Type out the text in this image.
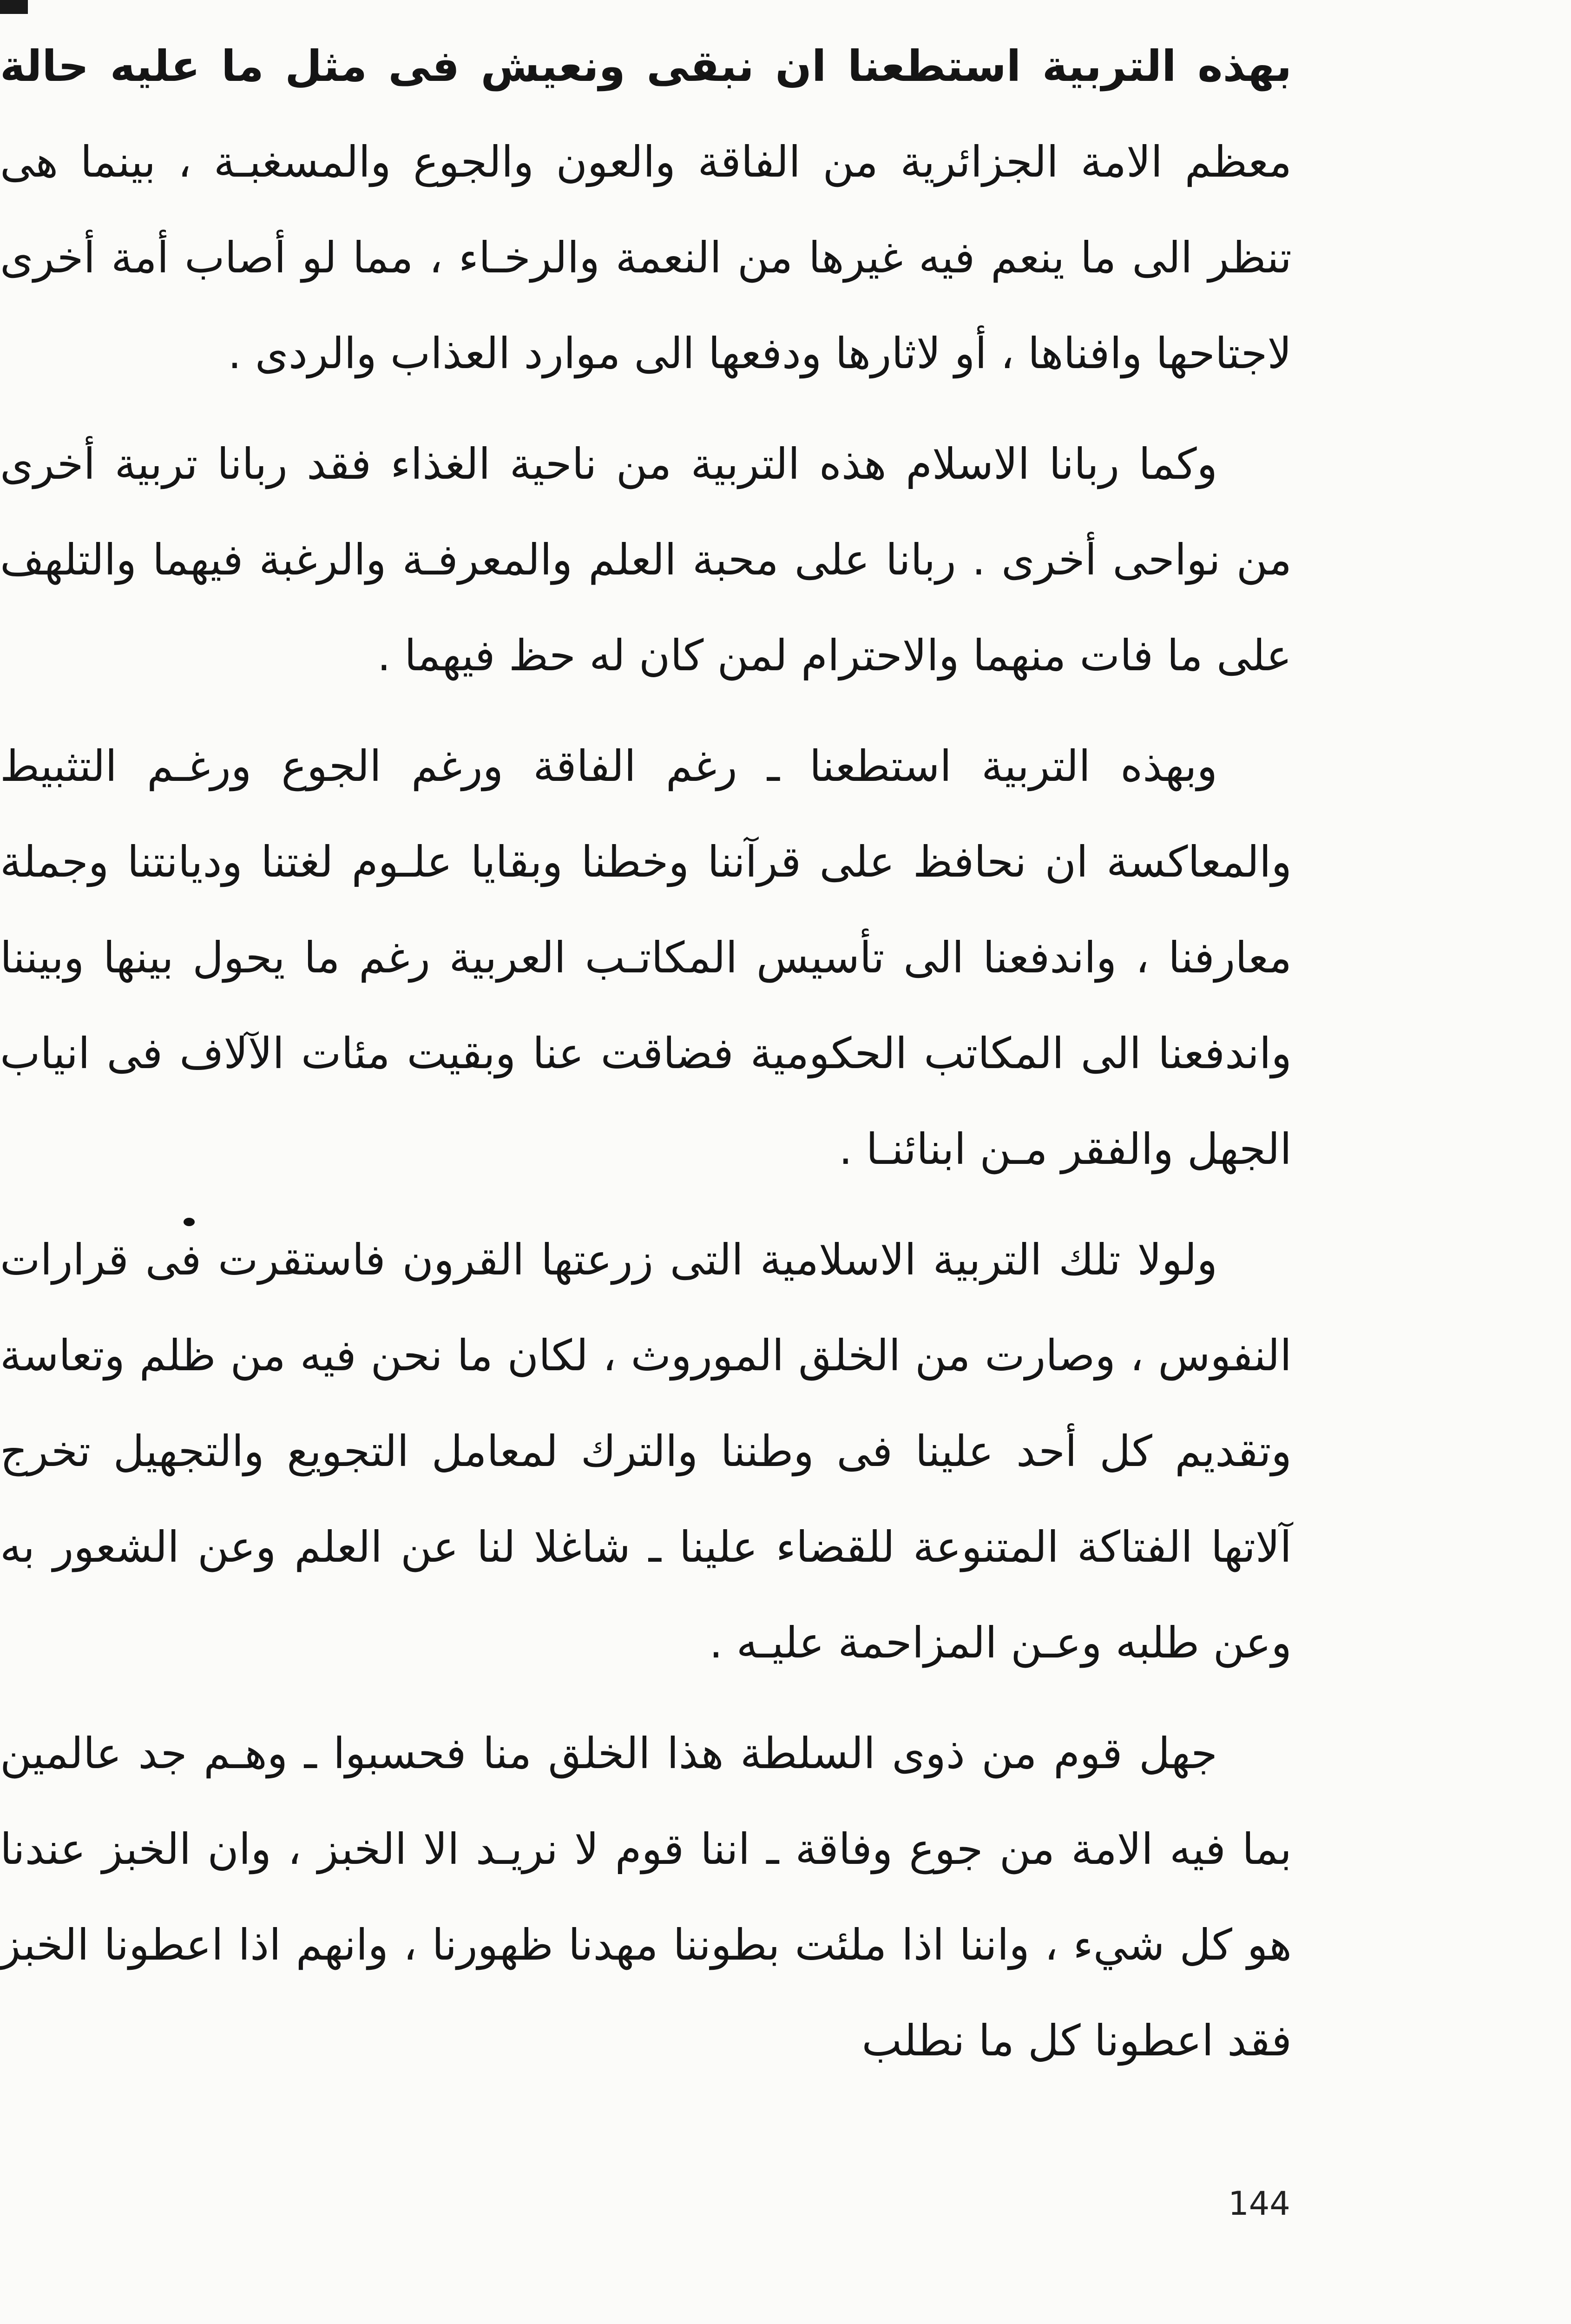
بهذه التربية استطعنا ان نبقى ونعيش فى مثل ما عليه حالة معظم الامة الجزائرية من الفاقة والعون والجوع والمسغبـة ، بينما هى تنظر الى ما ينعم فيه غيرها من النعمة والرخـاء ، مما لو أصاب أمة أخرى لاجتاحها وافناها ، أو لاثارها ودفعها الى موارد العذاب والردى .

وكما ربانا الاسلام هذه التربية من ناحية الغذاء فقد ربانا تربية أخرى من نواحى أخرى . ربانا على محبة العلم والمعرفـة والرغبة فيهما والتلهف على ما فات منهما والاحترام لمن كان له حظ فيهما .

وبهذه التربية استطعنا ـ رغم الفاقة ورغم الجوع ورغـم التثبيط والمعاكسة ان نحافظ على قرآننا وخطنا وبقايا علـوم لغتنا وديانتنا وجملة معارفنا ، واندفعنا الى تأسيس المكاتـب العربية رغم ما يحول بينها وبيننا واندفعنا الى المكاتب الحكومية فضاقت عنا وبقيت مئات الآلاف فى انياب الجهل والفقر مـن ابنائنـا .

ولولا تلك التربية الاسلامية التى زرعتها القرون فاستقرت فى قرارات النفوس ، وصارت من الخلق الموروث ، لكان ما نحن فيه من ظلم وتعاسة وتقديم كل أحد علينا فى وطننا والترك لمعامل التجويع والتجهيل تخرج آلاتها الفتاكة المتنوعة للقضاء علينا ـ شاغلا لنا عن العلم وعن الشعور به وعن طلبه وعـن المزاحمة عليـه .

جهل قوم من ذوى السلطة هذا الخلق منا فحسبوا ـ وهـم جد عالمين بما فيه الامة من جوع وفاقة ـ اننا قوم لا نريـد الا الخبز ، وان الخبز عندنا هو كل شيء ، واننا اذا ملئت بطوننا مهدنا ظهورنا ، وانهم اذا اعطونا الخبز فقد اعطونا كل ما نطلب

144
